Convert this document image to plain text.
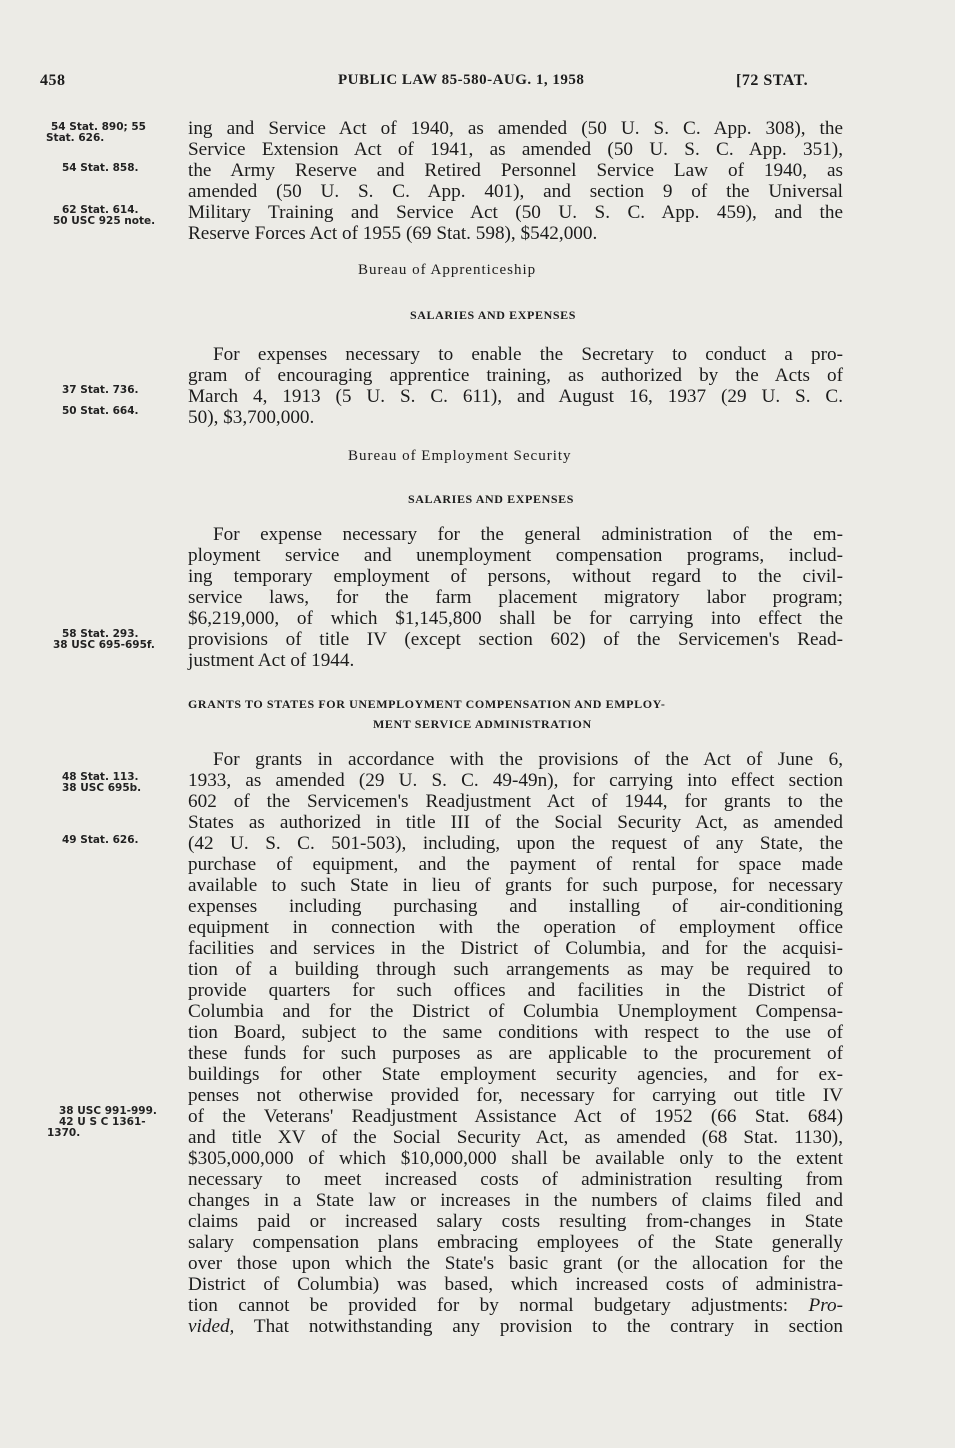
458	PUBLIC LAW 85-580-AUG. 1, 1958	[72 STAT.
54 Stat. 890; 55
Stat. 626.
54 Stat. 858.
62 Stat. 614.
50 USC 925 note.
37 Stat. 736.
50 Stat. 664.
58 Stat. 293.
38 USC 695-695f.
48 Stat. 113.
38 USC 695b.
49 Stat. 626.
38 USC 991-999.
42 U S C 1361-
1370.
ing and Service Act of 1940, as amended (50 U. S. C. App. 308), the
Service Extension Act of 1941, as amended (50 U. S. C. App. 351),
the Army Reserve and Retired Personnel Service Law of 1940, as
amended (50 U. S. C. App. 401), and section 9 of the Universal
Military Training and Service Act (50 U. S. C. App. 459), and the
Reserve Forces Act of 1955 (69 Stat. 598), $542,000.
Bureau of Apprenticeship
SALARIES AND EXPENSES
For expenses necessary to enable the Secretary to conduct a pro-
gram of encouraging apprentice training, as authorized by the Acts of
March 4, 1913 (5 U. S. C. 611), and August 16, 1937 (29 U. S. C.
50), $3,700,000.
Bureau of Employment Security
SALARIES AND EXPENSES
For expense necessary for the general administration of the em-
ployment service and unemployment compensation programs, includ-
ing temporary employment of persons, without regard to the civil-
service laws, for the farm placement migratory labor program;
$6,219,000, of which $1,145,800 shall be for carrying into effect the
provisions of title IV (except section 602) of the Servicemen's Read-
justment Act of 1944.
GRANTS TO STATES FOR UNEMPLOYMENT COMPENSATION AND EMPLOY-
MENT SERVICE ADMINISTRATION
For grants in accordance with the provisions of the Act of June 6,
1933, as amended (29 U. S. C. 49-49n), for carrying into effect section
602 of the Servicemen's Readjustment Act of 1944, for grants to the
States as authorized in title III of the Social Security Act, as amended
(42 U. S. C. 501-503), including, upon the request of any State, the
purchase of equipment, and the payment of rental for space made
available to such State in lieu of grants for such purpose, for necessary
expenses including purchasing and installing of air-conditioning
equipment in connection with the operation of employment office
facilities and services in the District of Columbia, and for the acquisi-
tion of a building through such arrangements as may be required to
provide quarters for such offices and facilities in the District of
Columbia and for the District of Columbia Unemployment Compensa-
tion Board, subject to the same conditions with respect to the use of
these funds for such purposes as are applicable to the procurement of
buildings for other State employment security agencies, and for ex-
penses not otherwise provided for, necessary for carrying out title IV
of the Veterans' Readjustment Assistance Act of 1952 (66 Stat. 684)
and title XV of the Social Security Act, as amended (68 Stat. 1130),
$305,000,000 of which $10,000,000 shall be available only to the extent
necessary to meet increased costs of administration resulting from
changes in a State law or increases in the numbers of claims filed and
claims paid or increased salary costs resulting from-changes in State
salary compensation plans embracing employees of the State generally
over those upon which the State's basic grant (or the allocation for the
District of Columbia) was based, which increased costs of administra-
tion cannot be provided for by normal budgetary adjustments: Pro-
vided, That notwithstanding any provision to the contrary in section
